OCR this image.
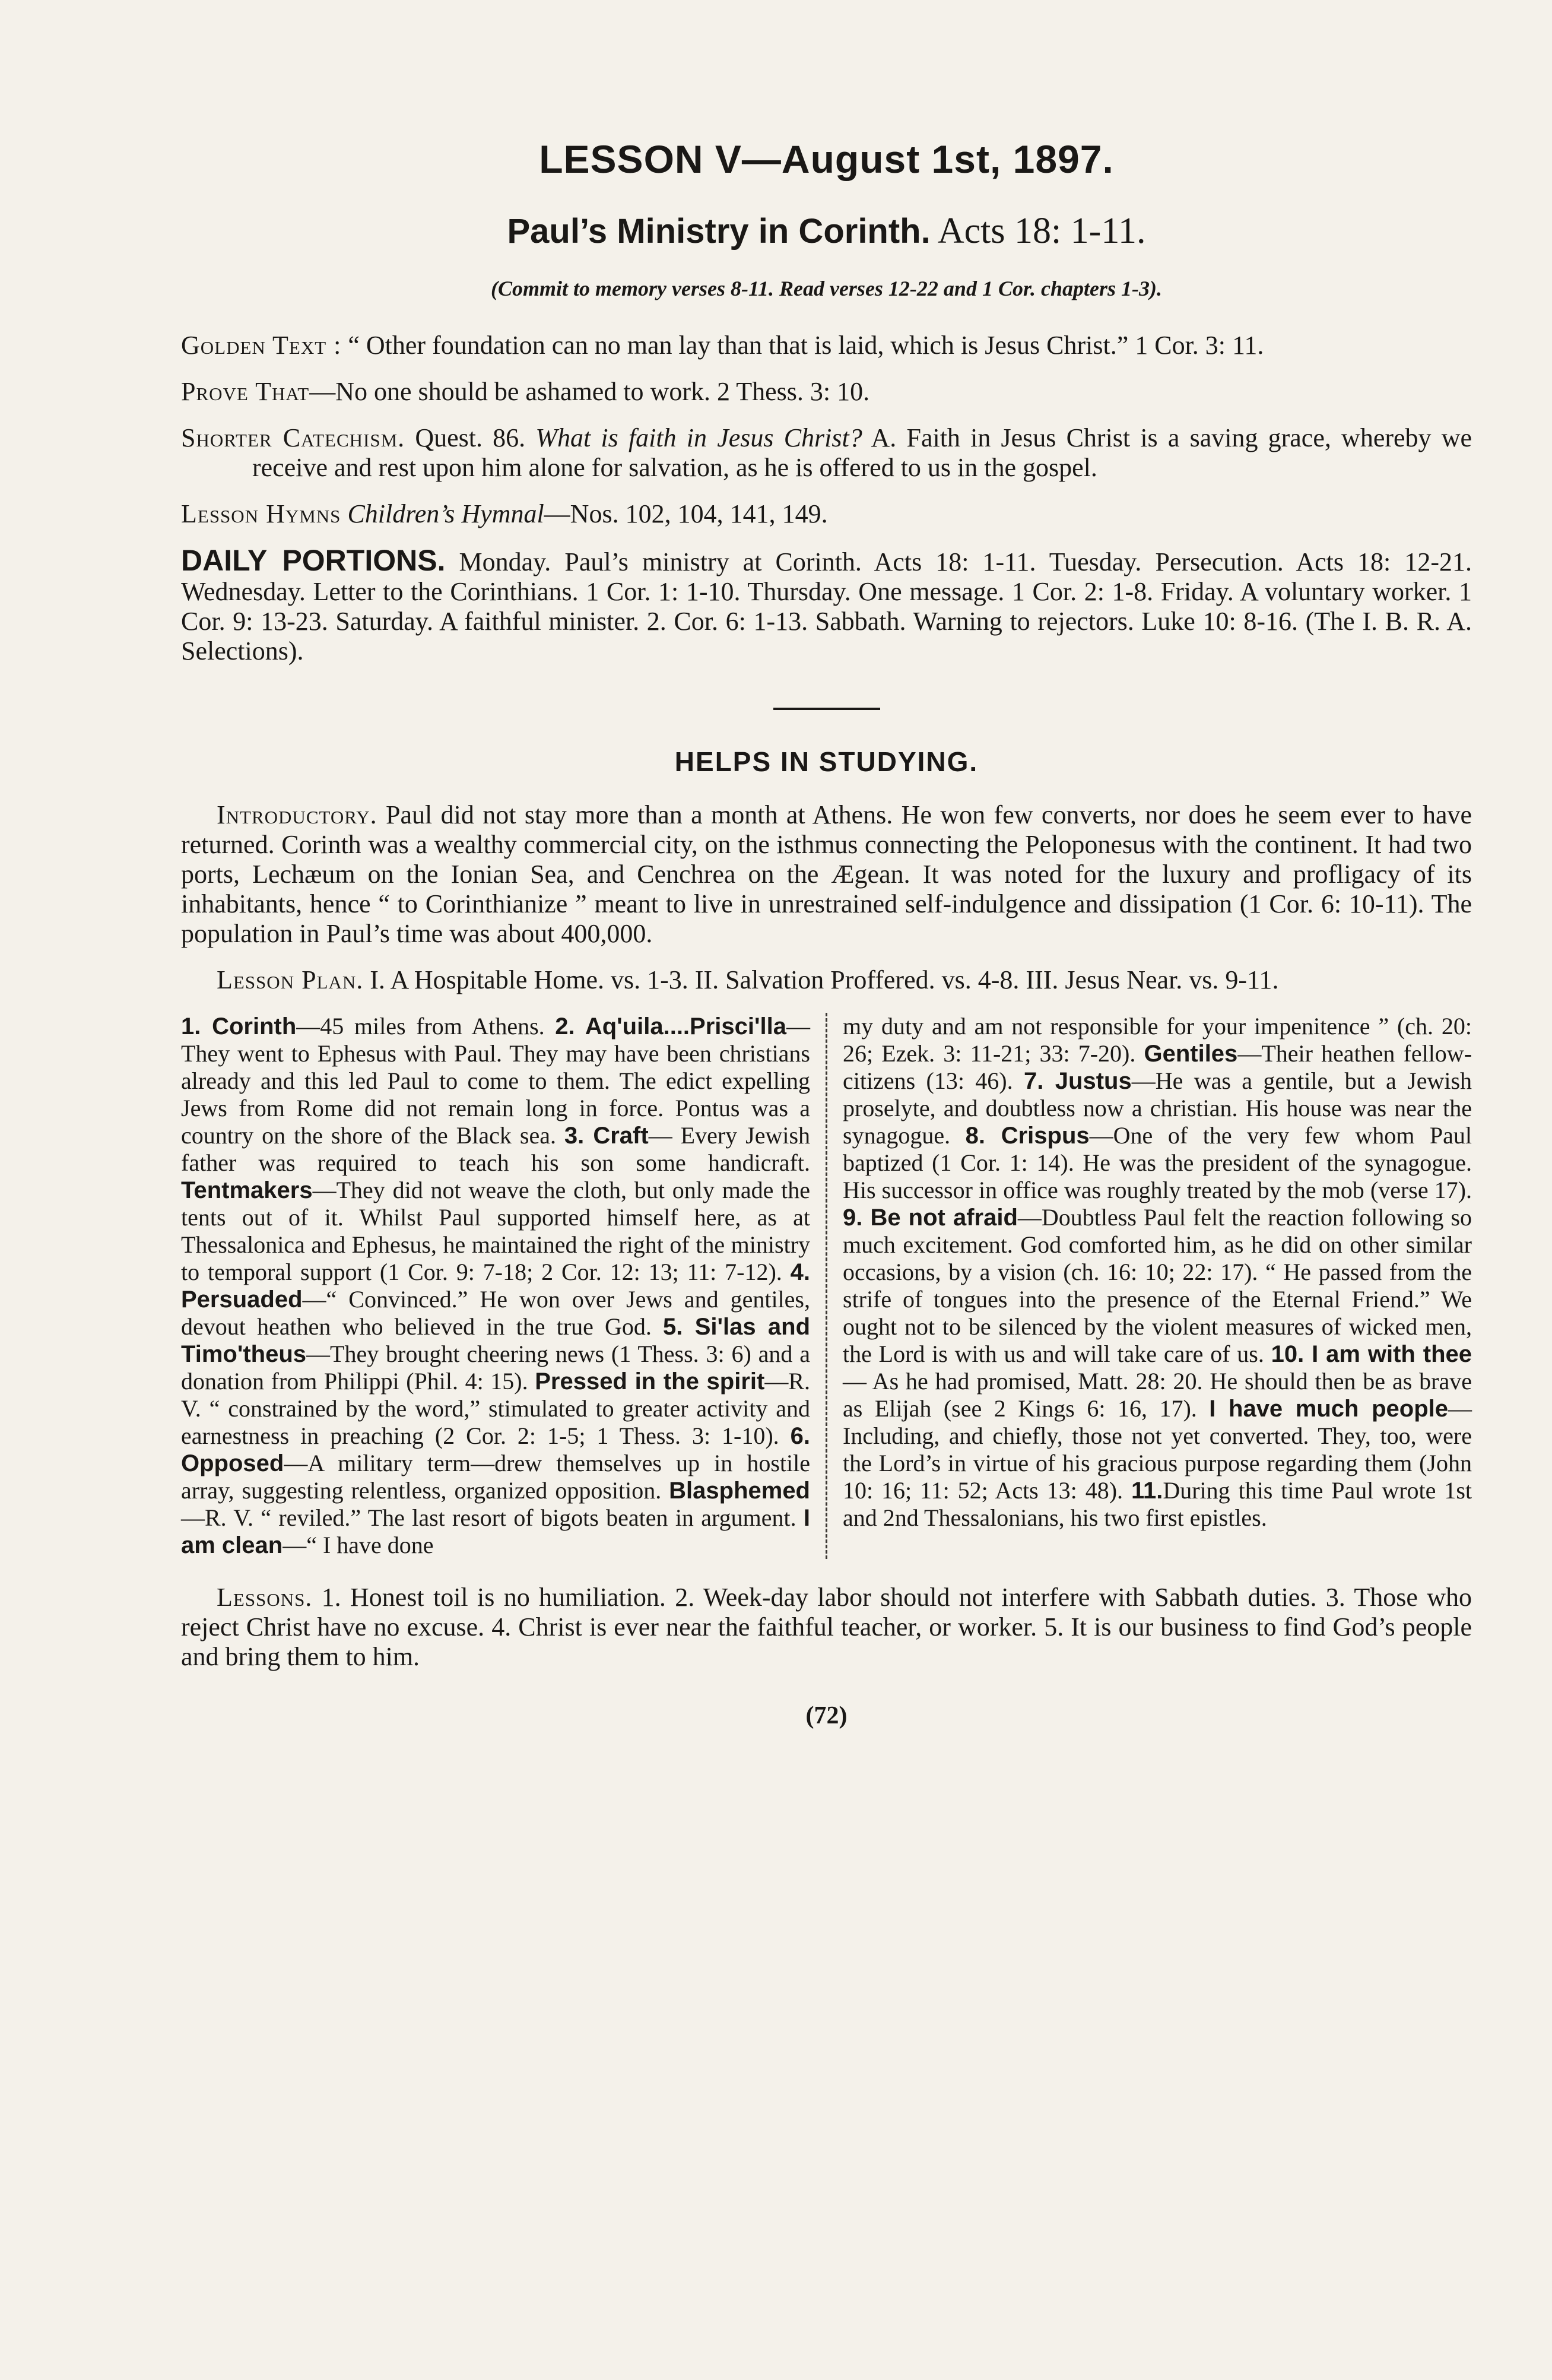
LESSON V—August 1st, 1897.
Paul’s Ministry in Corinth. Acts 18: 1-11.
(Commit to memory verses 8-11. Read verses 12-22 and 1 Cor. chapters 1-3).

Golden Text : “ Other foundation can no man lay than that is laid, which is Jesus Christ.” 1 Cor. 3: 11.

Prove That—No one should be ashamed to work. 2 Thess. 3: 10.

Shorter Catechism. Quest. 86. What is faith in Jesus Christ? A. Faith in Jesus Christ is a saving grace, whereby we receive and rest upon him alone for salvation, as he is offered to us in the gospel.

Lesson Hymns Children’s Hymnal—Nos. 102, 104, 141, 149.

DAILY PORTIONS. Monday. Paul’s ministry at Corinth. Acts 18: 1-11. Tuesday. Persecution. Acts 18: 12-21. Wednesday. Letter to the Corinthians. 1 Cor. 1: 1-10. Thursday. One message. 1 Cor. 2: 1-8. Friday. A voluntary worker. 1 Cor. 9: 13-23. Saturday. A faithful minister. 2. Cor. 6: 1-13. Sabbath. Warning to rejectors. Luke 10: 8-16. (The I. B. R. A. Selections).

HELPS IN STUDYING.

Introductory. Paul did not stay more than a month at Athens. He won few converts, nor does he seem ever to have returned. Corinth was a wealthy commercial city, on the isthmus connecting the Peloponesus with the continent. It had two ports, Lechæum on the Ionian Sea, and Cenchrea on the Ægean. It was noted for the luxury and profligacy of its inhabitants, hence “ to Corinthianize ” meant to live in unrestrained self-indulgence and dissipation (1 Cor. 6: 10-11). The population in Paul’s time was about 400,000.

Lesson Plan. I. A Hospitable Home. vs. 1-3. II. Salvation Proffered. vs. 4-8. III. Jesus Near. vs. 9-11.

1. Corinth—45 miles from Athens. 2. Aq'uila....Prisci'lla—They went to Ephesus with Paul. They may have been christians already and this led Paul to come to them. The edict expelling Jews from Rome did not remain long in force. Pontus was a country on the shore of the Black sea. 3. Craft— Every Jewish father was required to teach his son some handicraft. Tentmakers—They did not weave the cloth, but only made the tents out of it. Whilst Paul supported himself here, as at Thessalonica and Ephesus, he maintained the right of the ministry to temporal support (1 Cor. 9: 7-18; 2 Cor. 12: 13; 11: 7-12). 4. Persuaded—“ Convinced.” He won over Jews and gentiles, devout heathen who believed in the true God. 5. Si'las and Timo'theus—They brought cheering news (1 Thess. 3: 6) and a donation from Philippi (Phil. 4: 15). Pressed in the spirit—R. V. “ constrained by the word,” stimulated to greater activity and earnestness in preaching (2 Cor. 2: 1-5; 1 Thess. 3: 1-10). 6. Opposed—A military term—drew themselves up in hostile array, suggesting relentless, organized opposition. Blasphemed—R. V. “ reviled.” The last resort of bigots beaten in argument. I am clean—“ I have done
my duty and am not responsible for your impenitence ” (ch. 20: 26; Ezek. 3: 11-21; 33: 7-20). Gentiles—Their heathen fellow-citizens (13: 46). 7. Justus—He was a gentile, but a Jewish proselyte, and doubtless now a christian. His house was near the synagogue. 8. Crispus—One of the very few whom Paul baptized (1 Cor. 1: 14). He was the president of the synagogue. His successor in office was roughly treated by the mob (verse 17). 9. Be not afraid—Doubtless Paul felt the reaction following so much excitement. God comforted him, as he did on other similar occasions, by a vision (ch. 16: 10; 22: 17). “ He passed from the strife of tongues into the presence of the Eternal Friend.” We ought not to be silenced by the violent measures of wicked men, the Lord is with us and will take care of us. 10. I am with thee— As he had promised, Matt. 28: 20. He should then be as brave as Elijah (see 2 Kings 6: 16, 17). I have much people—Including, and chiefly, those not yet converted. They, too, were the Lord’s in virtue of his gracious purpose regarding them (John 10: 16; 11: 52; Acts 13: 48). 11.During this time Paul wrote 1st and 2nd Thessalonians, his two first epistles.

Lessons. 1. Honest toil is no humiliation. 2. Week-day labor should not interfere with Sabbath duties. 3. Those who reject Christ have no excuse. 4. Christ is ever near the faithful teacher, or worker. 5. It is our business to find God’s people and bring them to him.

( 72 )
